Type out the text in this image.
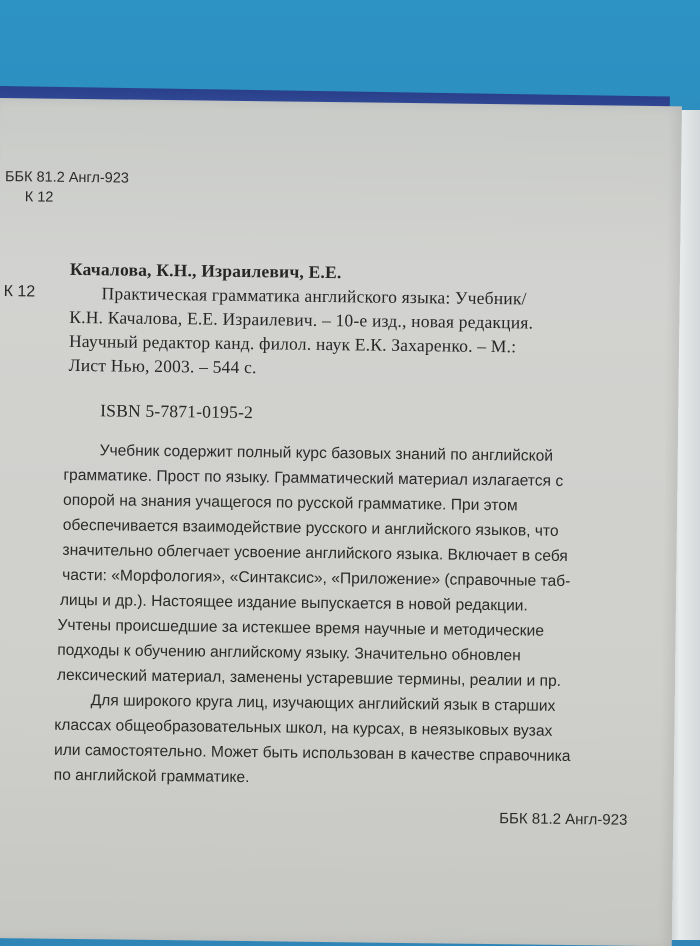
ББК 81.2 Англ-923
К 12
Качалова, К.Н., Израилевич, Е.Е.
К 12	Практическая грамматика английского языка: Учебник/
К.Н. Качалова, Е.Е. Израилевич. – 10-е изд., новая редакция.
Научный редактор канд. филол. наук Е.К. Захаренко. – М.:
Лист Нью, 2003. – 544 с.
ISBN 5-7871-0195-2
Учебник содержит полный курс базовых знаний по английской
грамматике. Прост по языку. Грамматический материал излагается с
опорой на знания учащегося по русской грамматике. При этом
обеспечивается взаимодействие русского и английского языков, что
значительно облегчает усвоение английского языка. Включает в себя
части: «Морфология», «Синтаксис», «Приложение» (справочные таб-
лицы и др.). Настоящее издание выпускается в новой редакции.
Учтены происшедшие за истекшее время научные и методические
подходы к обучению английскому языку. Значительно обновлен
лексический материал, заменены устаревшие термины, реалии и пр.
Для широкого круга лиц, изучающих английский язык в старших
классах общеобразовательных школ, на курсах, в неязыковых вузах
или самостоятельно. Может быть использован в качестве справочника
по английской грамматике.
ББК 81.2 Англ-923
